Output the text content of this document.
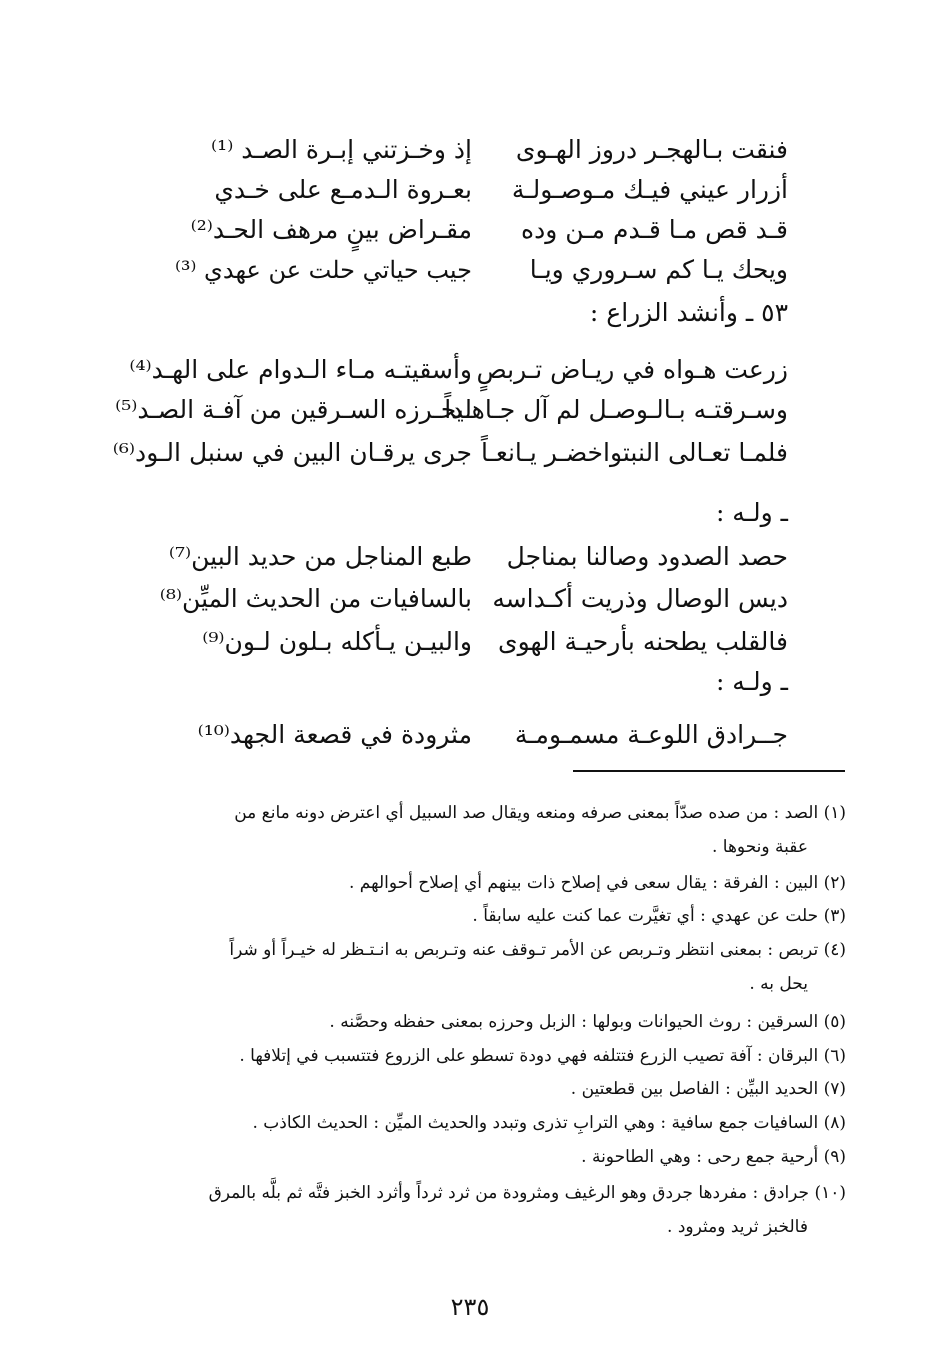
فنقت بـالهجـر دروز الهـوى
إذ وخـزتني إبـرة الصـد ⁽¹⁾
أزرار عيني فيـك مـوصـولـة
بعـروة الـدمـع على خـدي
قـد قص مـا قـدم مـن وده
مقـراض بينٍ مرهف الحـد⁽²⁾
ويحك يـا كم سـروري ويـا
جيب حياتي حلت عن عهدي ⁽³⁾
٥٣ ـ وأنشد الزراع :
زرعت هـواه في ريـاض تـربصٍ
وأسقيتـه مـاء الـدوام على الهـد⁽⁴⁾
وسـرقتـه بـالـوصـل لم آل جـاهـداً
ليحـرزه السـرقين من آفـة الصـد⁽⁵⁾
فلمـا تعـالى النبتواخضـر يـانعـاً
جرى يرقـان البين في سنبل الـود⁽⁶⁾
ـ ولـه :
حصد الصدود وصالنا بمناجل
طبع المناجل من حديد البين⁽⁷⁾
ديس الوصال وذريت أكـداسه
بالسافيات من الحديث الميِّن⁽⁸⁾
فالقلب يطحنه بأرحيـة الهوى
والبيـن يـأكله بـلون لـون⁽⁹⁾
ـ ولـه :
جــرادق اللوعـة مسمـومـة
مثرودة في قصعة الجهد⁽¹⁰⁾
(١) الصد : من صده صدّاً بمعنى صرفه ومنعه ويقال صد السبيل أي اعترض دونه مانع من
عقبة ونحوها .
(٢) البين : الفرقة : يقال سعى في إصلاح ذات بينهم أي إصلاح أحوالهم .
(٣) حلت عن عهدي : أي تغيَّرت عما كنت عليه سابقاً .
(٤) تربص : بمعنى انتظر وتـربص عن الأمر تـوقف عنه وتـربص به انـتـظر له خيـراً أو شراً
يحل به .
(٥) السرقين : روث الحيوانات وبولها : الزبل وحرزه بمعنى حفظه وحصَّنه .
(٦) البرقان : آفة تصيب الزرع فتتلفه فهي دودة تسطو على الزروع فتتسبب في إتلافها .
(٧) الحديد البيِّن : الفاصل بين قطعتين .
(٨) السافيات جمع سافية : وهي الترابِ تذرى وتبدد والحديث الميِّن : الحديث الكاذب .
(٩) أرحية جمع رحى : وهي الطاحونة .
(١٠) جرادق : مفردها جردق وهو الرغيف ومثرودة من ثرد ثرداً وأثرد الخبز فتَّه ثم بلَّه بالمرق
فالخبز ثريد ومثرود .
٢٣٥
